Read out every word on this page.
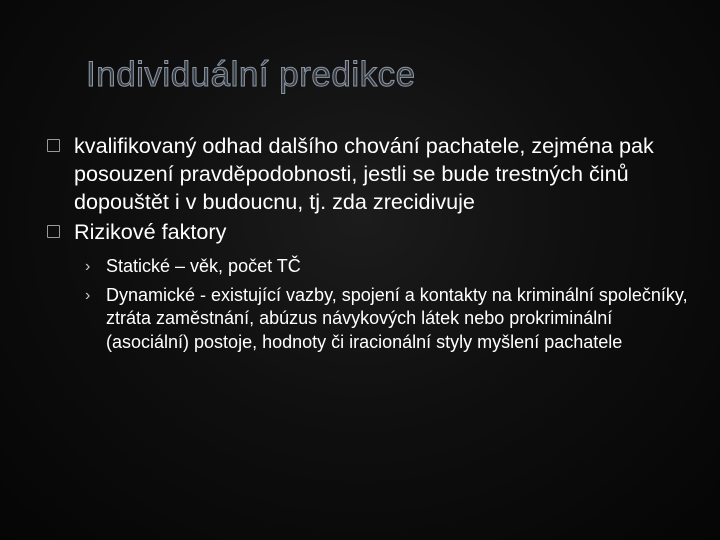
Individuální predikce

kvalifikovaný odhad dalšího chování pachatele, zejména pak posouzení pravděpodobnosti, jestli se bude trestných činů dopouštět i v budoucnu, tj. zda zrecidivuje

Rizikové faktory

› Statické – věk, počet TČ

› Dynamické - existující vazby, spojení a kontakty na kriminální společníky, ztráta zaměstnání, abúzus návykových látek nebo prokriminální (asociální) postoje, hodnoty či iracionální styly myšlení pachatele
